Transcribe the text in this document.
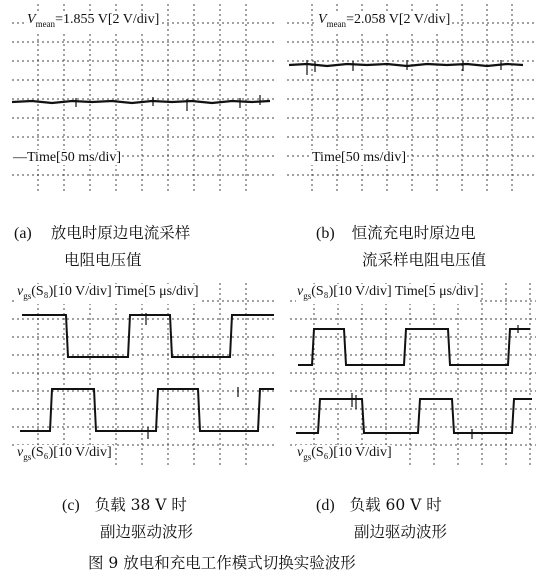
$V_{mean}=1.855$ V[2 V/div]
—Time[50 ms/div]
$V_{mean}=2.058$ V[2 V/div]
Time[50 ms/div]
(a) 放电时原边电流采样
电阻电压值
(b) 恒流充电时原边电
流采样电阻电压值
$v_{gs}(S_8)[10$ V/div] Time[5 μs/div]
$v_{gs}(S_6)[10$ V/div]
$v_{gs}(S_8)[10$ V/div] Time[5 μs/div]
$v_{gs}(S_6)[10$ V/div]
(c) 负载 38 V 时
副边驱动波形
(d) 负载 60 V 时
副边驱动波形
图 9 放电和充电工作模式切换实验波形
